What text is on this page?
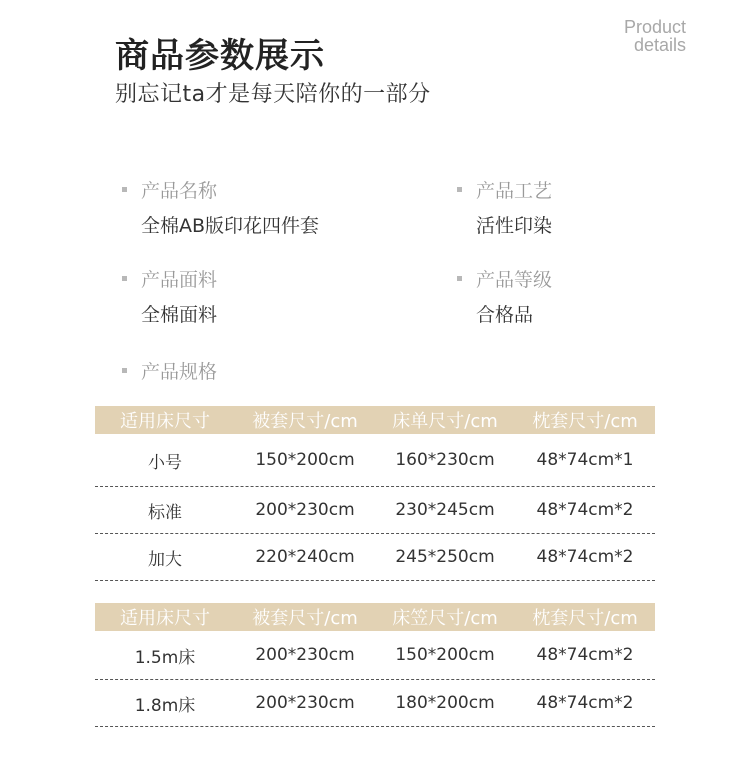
商品参数展示
别忘记ta才是每天陪你的一部分
Product
details
产品名称
全棉AB版印花四件套
产品工艺
活性印染
产品面料
全棉面料
产品等级
合格品
产品规格
适用床尺寸	被套尺寸/cm	床单尺寸/cm	枕套尺寸/cm
小号	150*200cm	160*230cm	48*74cm*1
标准	200*230cm	230*245cm	48*74cm*2
加大	220*240cm	245*250cm	48*74cm*2
适用床尺寸	被套尺寸/cm	床笠尺寸/cm	枕套尺寸/cm
1.5m床	200*230cm	150*200cm	48*74cm*2
1.8m床	200*230cm	180*200cm	48*74cm*2
